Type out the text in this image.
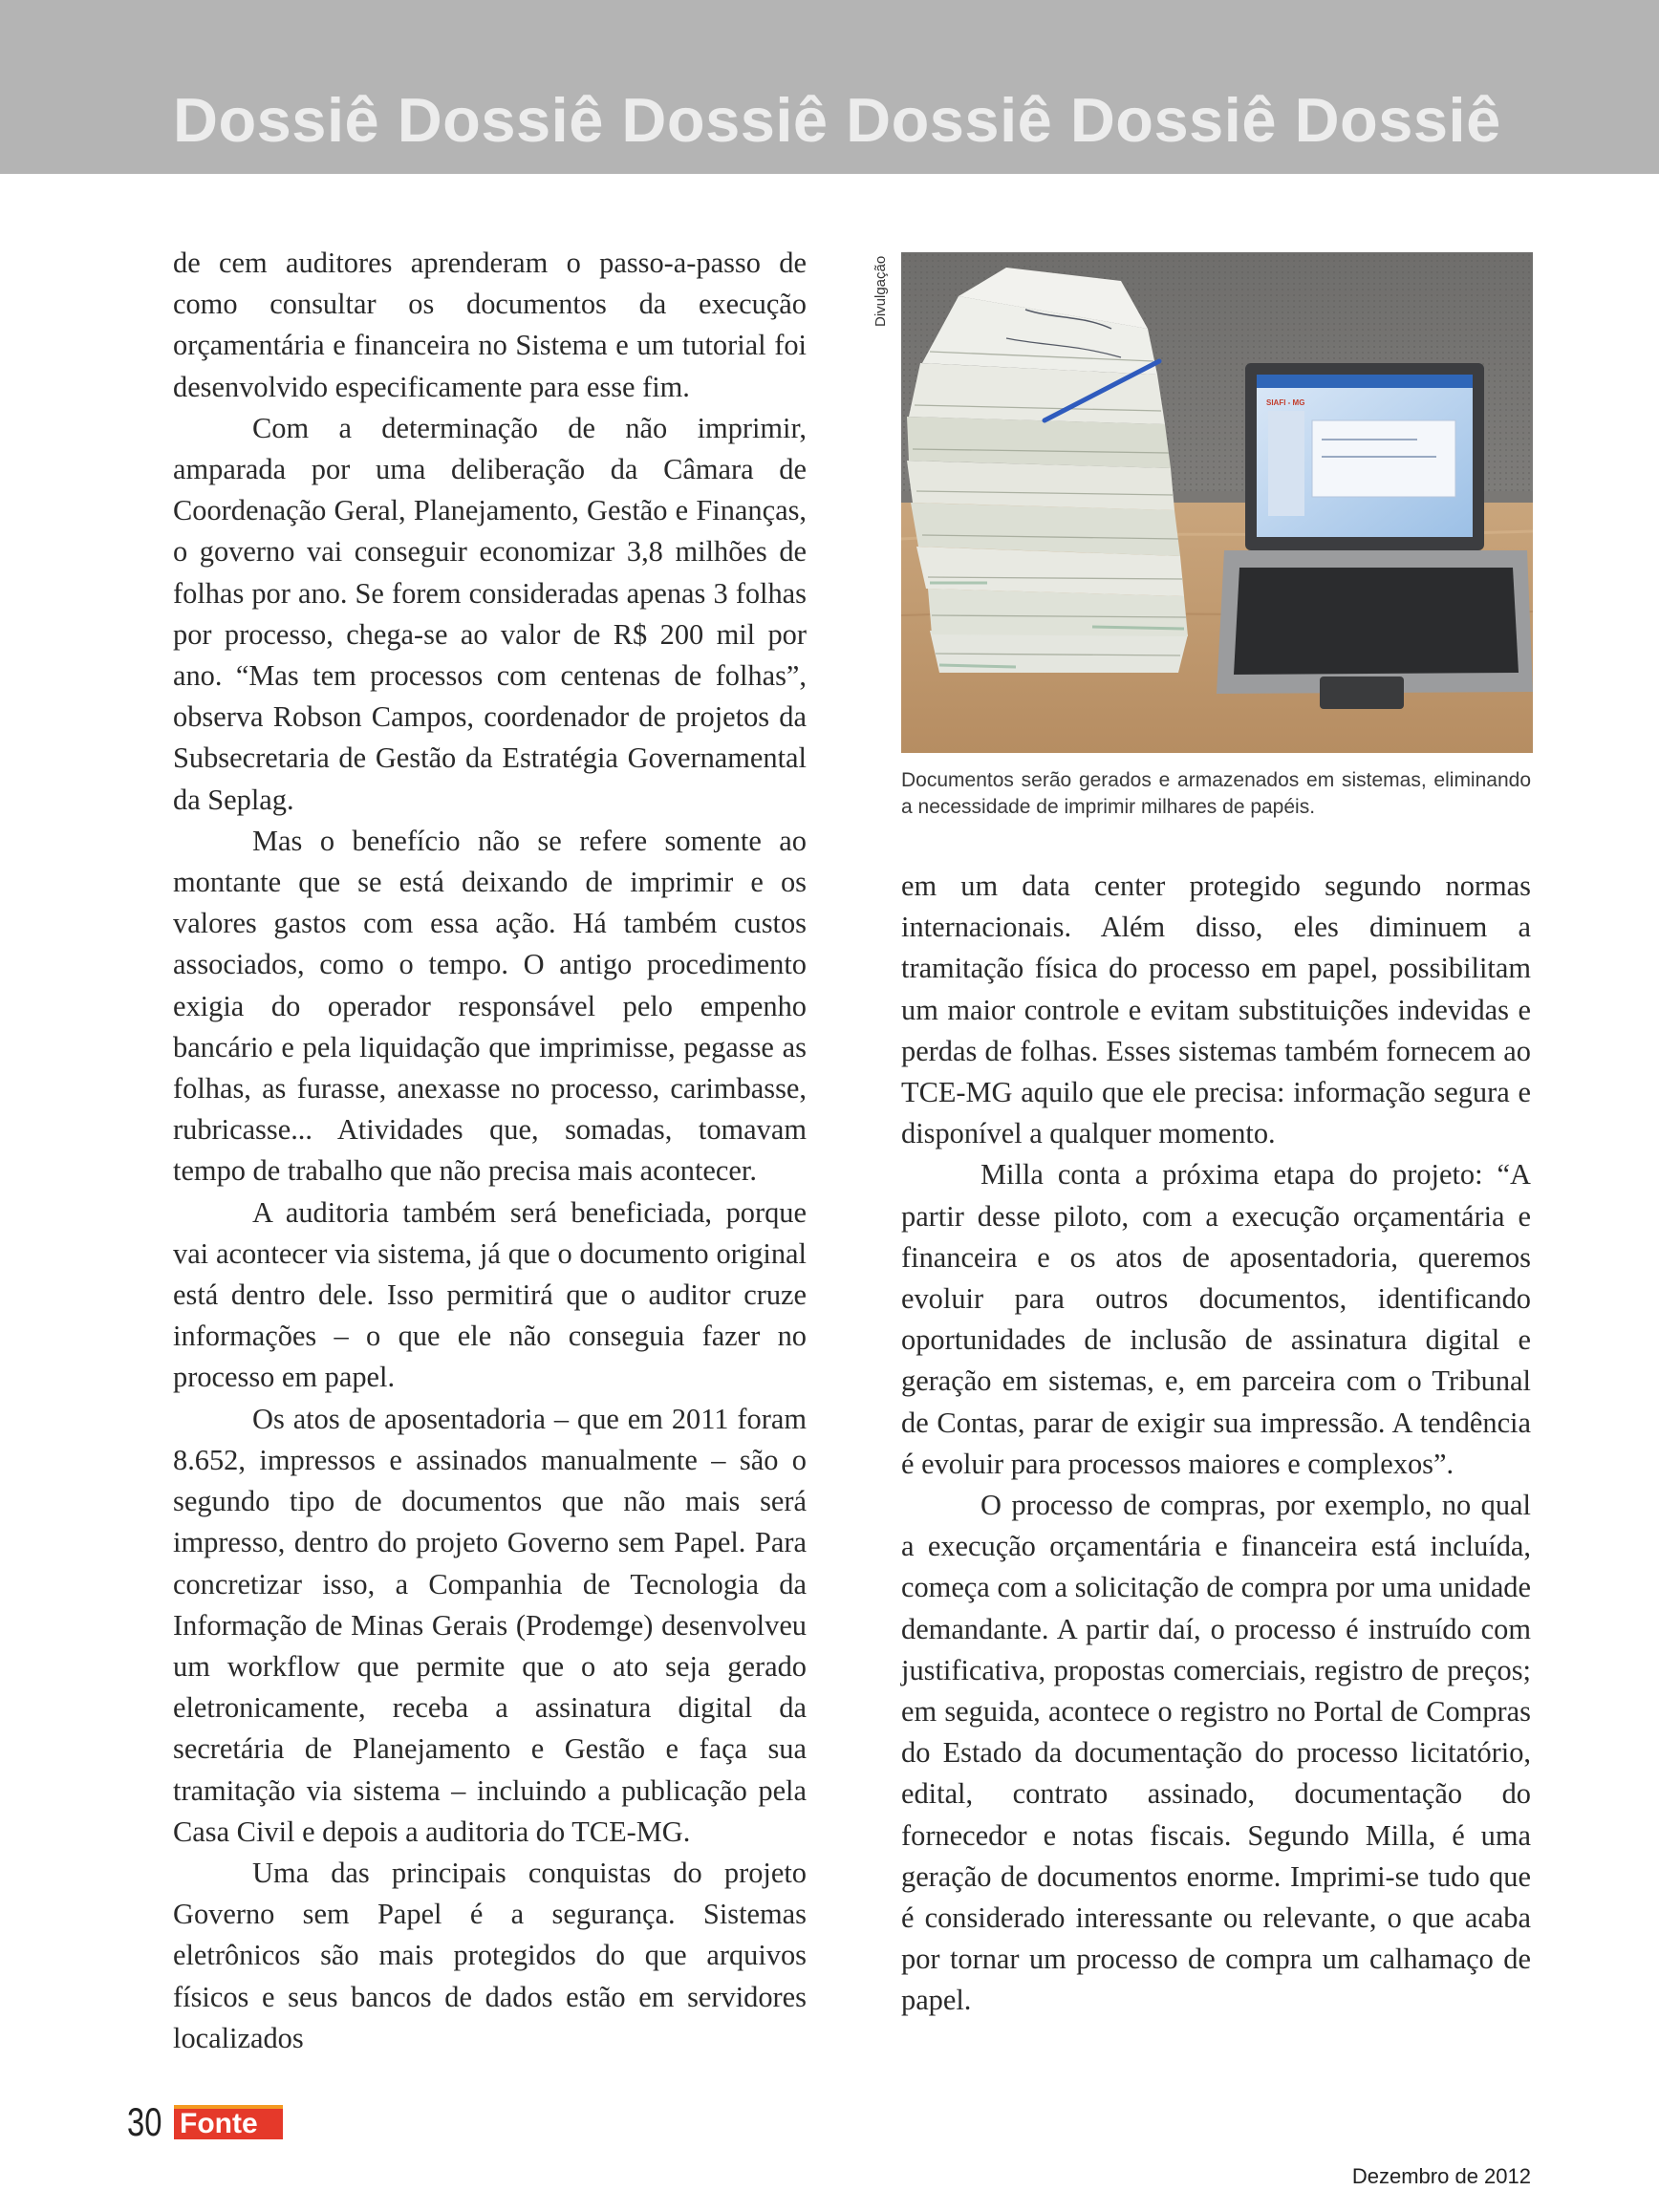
Dossiê Dossiê Dossiê Dossiê Dossiê Dossiê

de cem auditores aprenderam o passo-a-passo de como consultar os documentos da execução orçamentária e financeira no Sistema e um tutorial foi desenvolvido especificamente para esse fim.

Com a determinação de não imprimir, amparada por uma deliberação da Câmara de Coordenação Geral, Planejamento, Gestão e Finanças, o governo vai conseguir economizar 3,8 milhões de folhas por ano. Se forem consideradas apenas 3 folhas por processo, chega-se ao valor de R$ 200 mil por ano. “Mas tem processos com centenas de folhas”, observa Robson Campos, coordenador de projetos da Subsecretaria de Gestão da Estratégia Governamental da Seplag.

Mas o benefício não se refere somente ao montante que se está deixando de imprimir e os valores gastos com essa ação. Há também custos associados, como o tempo. O antigo procedimento exigia do operador responsável pelo empenho bancário e pela liquidação que imprimisse, pegasse as folhas, as furasse, anexasse no processo, carimbasse, rubricasse... Atividades que, somadas, tomavam tempo de trabalho que não precisa mais acontecer.

A auditoria também será beneficiada, porque vai acontecer via sistema, já que o documento original está dentro dele. Isso permitirá que o auditor cruze informações – o que ele não conseguia fazer no processo em papel.

Os atos de aposentadoria – que em 2011 foram 8.652, impressos e assinados manualmente – são o segundo tipo de documentos que não mais será impresso, dentro do projeto Governo sem Papel. Para concretizar isso, a Companhia de Tecnologia da Informação de Minas Gerais (Prodemge) desenvolveu um workflow que permite que o ato seja gerado eletronicamente, receba a assinatura digital da secretária de Planejamento e Gestão e faça sua tramitação via sistema – incluindo a publicação pela Casa Civil e depois a auditoria do TCE-MG.

Uma das principais conquistas do projeto Governo sem Papel é a segurança. Sistemas eletrônicos são mais protegidos do que arquivos físicos e seus bancos de dados estão em servidores localizados

Divulgação
SIAFI - MG
Documentos serão gerados e armazenados em sistemas, eliminando a necessidade de imprimir milhares de papéis.

em um data center protegido segundo normas internacionais. Além disso, eles diminuem a tramitação física do processo em papel, possibilitam um maior controle e evitam substituições indevidas e perdas de folhas. Esses sistemas também fornecem ao TCE-MG aquilo que ele precisa: informação segura e disponível a qualquer momento.

Milla conta a próxima etapa do projeto: “A partir desse piloto, com a execução orçamentária e financeira e os atos de aposentadoria, queremos evoluir para outros documentos, identificando oportunidades de inclusão de assinatura digital e geração em sistemas, e, em parceira com o Tribunal de Contas, parar de exigir sua impressão. A tendência é evoluir para processos maiores e complexos”.

O processo de compras, por exemplo, no qual a execução orçamentária e financeira está incluída, começa com a solicitação de compra por uma unidade demandante. A partir daí, o processo é instruído com justificativa, propostas comerciais, registro de preços; em seguida, acontece o registro no Portal de Compras do Estado da documentação do processo licitatório, edital, contrato assinado, documentação do fornecedor e notas fiscais. Segundo Milla, é uma geração de documentos enorme. Imprimi-se tudo que é considerado interessante ou relevante, o que acaba por tornar um processo de compra um calhamaço de papel.

30 Fonte
Dezembro de 2012
